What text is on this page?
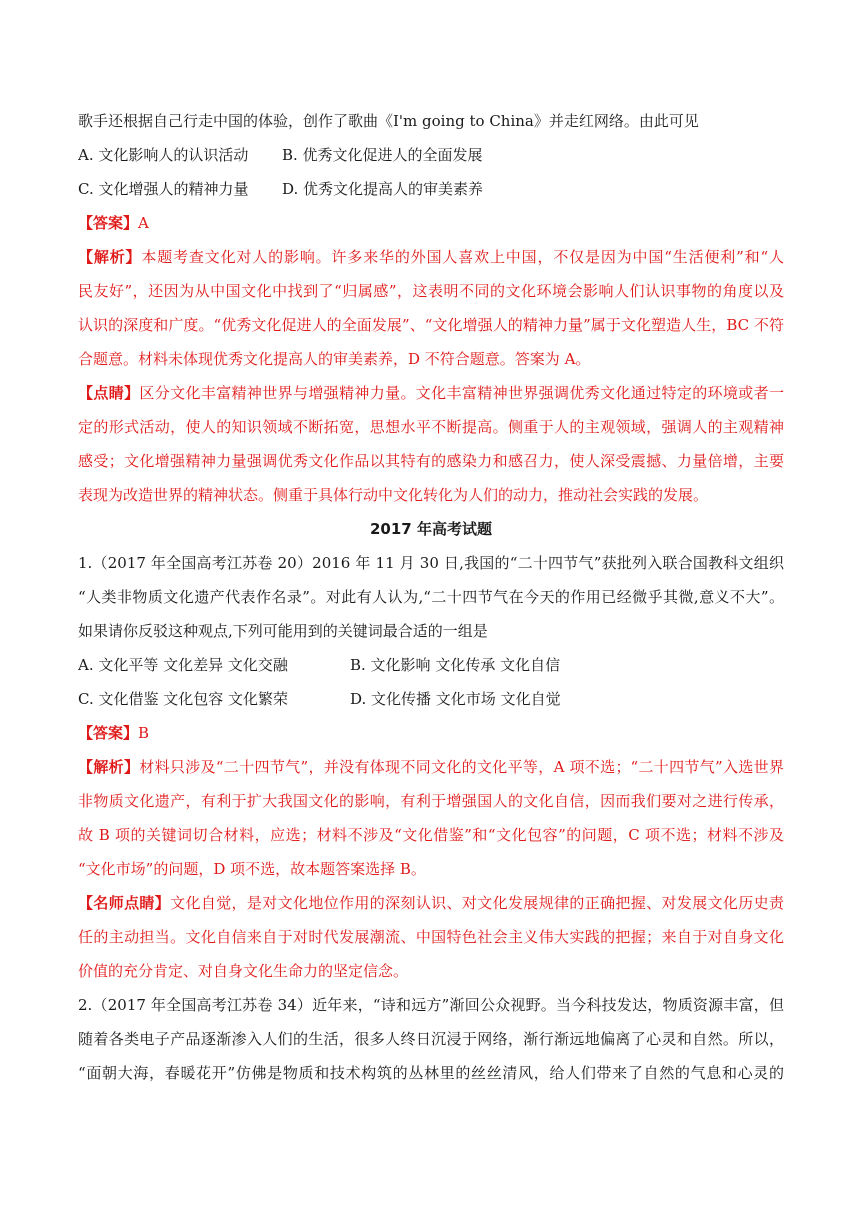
歌手还根据自己行走中国的体验，创作了歌曲《I'm going to China》并走红网络。由此可见
A. 文化影响人的认识活动	B. 优秀文化促进人的全面发展
C. 文化增强人的精神力量	D. 优秀文化提高人的审美素养
【答案】A
【解析】本题考查文化对人的影响。许多来华的外国人喜欢上中国，不仅是因为中国“生活便利”和“人
民友好”，还因为从中国文化中找到了“归属感”，这表明不同的文化环境会影响人们认识事物的角度以及
认识的深度和广度。“优秀文化促进人的全面发展”、“文化增强人的精神力量”属于文化塑造人生，BC 不符
合题意。材料未体现优秀文化提高人的审美素养，D 不符合题意。答案为 A。
【点睛】区分文化丰富精神世界与增强精神力量。文化丰富精神世界强调优秀文化通过特定的环境或者一
定的形式活动，使人的知识领域不断拓宽，思想水平不断提高。侧重于人的主观领域，强调人的主观精神
感受；文化增强精神力量强调优秀文化作品以其特有的感染力和感召力，使人深受震撼、力量倍增，主要
表现为改造世界的精神状态。侧重于具体行动中文化转化为人们的动力，推动社会实践的发展。
2017 年高考试题
1.（2017 年全国高考江苏卷 20）2016 年 11 月 30 日,我国的“二十四节气”获批列入联合国教科文组织
“人类非物质文化遗产代表作名录”。对此有人认为,“二十四节气在今天的作用已经微乎其微,意义不大”。
如果请你反驳这种观点,下列可能用到的关键词最合适的一组是
A. 文化平等 文化差异 文化交融	B. 文化影响 文化传承 文化自信
C. 文化借鉴 文化包容 文化繁荣	D. 文化传播 文化市场 文化自觉
【答案】B
【解析】材料只涉及“二十四节气”，并没有体现不同文化的文化平等，A 项不选；“二十四节气”入选世界
非物质文化遗产，有利于扩大我国文化的影响，有利于增强国人的文化自信，因而我们要对之进行传承，
故 B 项的关键词切合材料，应选；材料不涉及“文化借鉴”和“文化包容”的问题，C 项不选；材料不涉及
“文化市场”的问题，D 项不选，故本题答案选择 B。
【名师点睛】文化自觉，是对文化地位作用的深刻认识、对文化发展规律的正确把握、对发展文化历史责
任的主动担当。文化自信来自于对时代发展潮流、中国特色社会主义伟大实践的把握；来自于对自身文化
价值的充分肯定、对自身文化生命力的坚定信念。
2.（2017 年全国高考江苏卷 34）近年来，“诗和远方”渐回公众视野。当今科技发达，物质资源丰富，但
随着各类电子产品逐渐渗入人们的生活，很多人终日沉浸于网络，渐行渐远地偏离了心灵和自然。所以，
“面朝大海，春暖花开”仿佛是物质和技术构筑的丛林里的丝丝清风，给人们带来了自然的气息和心灵的
